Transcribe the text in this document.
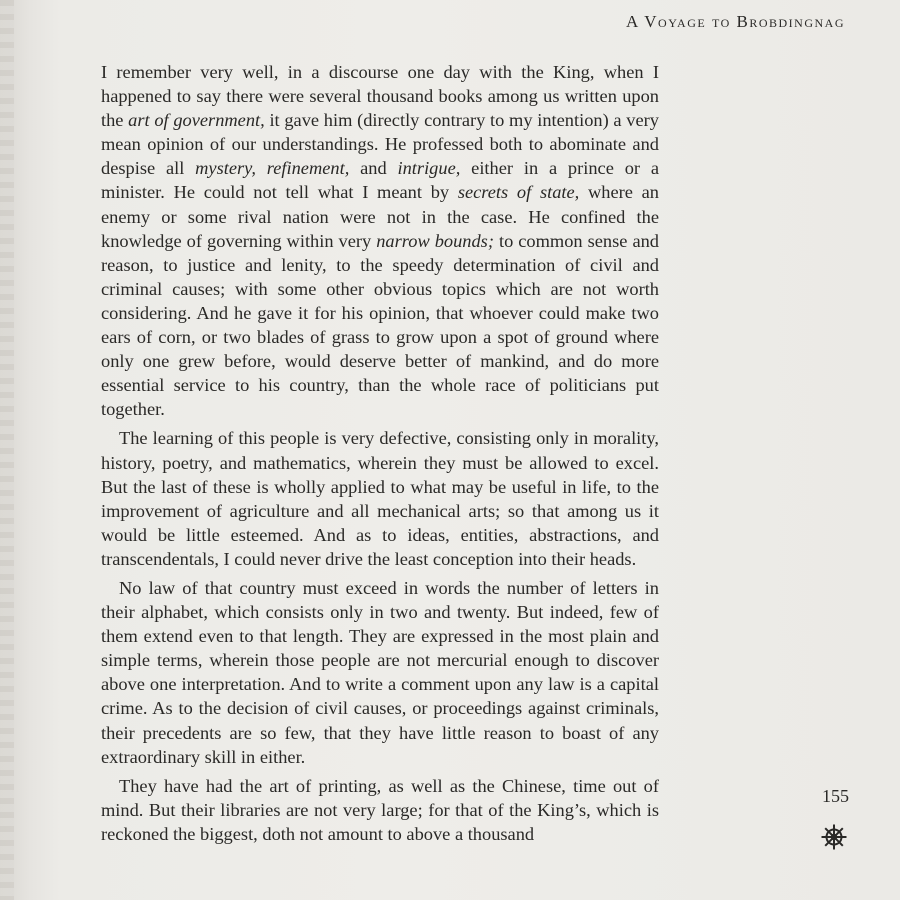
A Voyage to Brobdingnag

I remember very well, in a discourse one day with the King, when I happened to say there were several thousand books among us written upon the art of government, it gave him (directly contrary to my intention) a very mean opinion of our understandings. He professed both to abominate and despise all mystery, refinement, and intrigue, either in a prince or a minister. He could not tell what I meant by secrets of state, where an enemy or some rival nation were not in the case. He confined the knowledge of governing within very narrow bounds; to common sense and reason, to justice and lenity, to the speedy determination of civil and criminal causes; with some other obvious topics which are not worth considering. And he gave it for his opinion, that whoever could make two ears of corn, or two blades of grass to grow upon a spot of ground where only one grew before, would deserve better of mankind, and do more essential service to his country, than the whole race of politicians put together.

The learning of this people is very defective, consisting only in morality, history, poetry, and mathematics, wherein they must be allowed to excel. But the last of these is wholly applied to what may be useful in life, to the improvement of agriculture and all mechanical arts; so that among us it would be little esteemed. And as to ideas, entities, abstractions, and transcendentals, I could never drive the least conception into their heads.

No law of that country must exceed in words the number of letters in their alphabet, which consists only in two and twenty. But indeed, few of them extend even to that length. They are expressed in the most plain and simple terms, wherein those people are not mercurial enough to discover above one interpretation. And to write a comment upon any law is a capital crime. As to the decision of civil causes, or proceedings against criminals, their precedents are so few, that they have little reason to boast of any extraordinary skill in either.

They have had the art of printing, as well as the Chinese, time out of mind. But their libraries are not very large; for that of the King’s, which is reckoned the biggest, doth not amount to above a thousand

155
